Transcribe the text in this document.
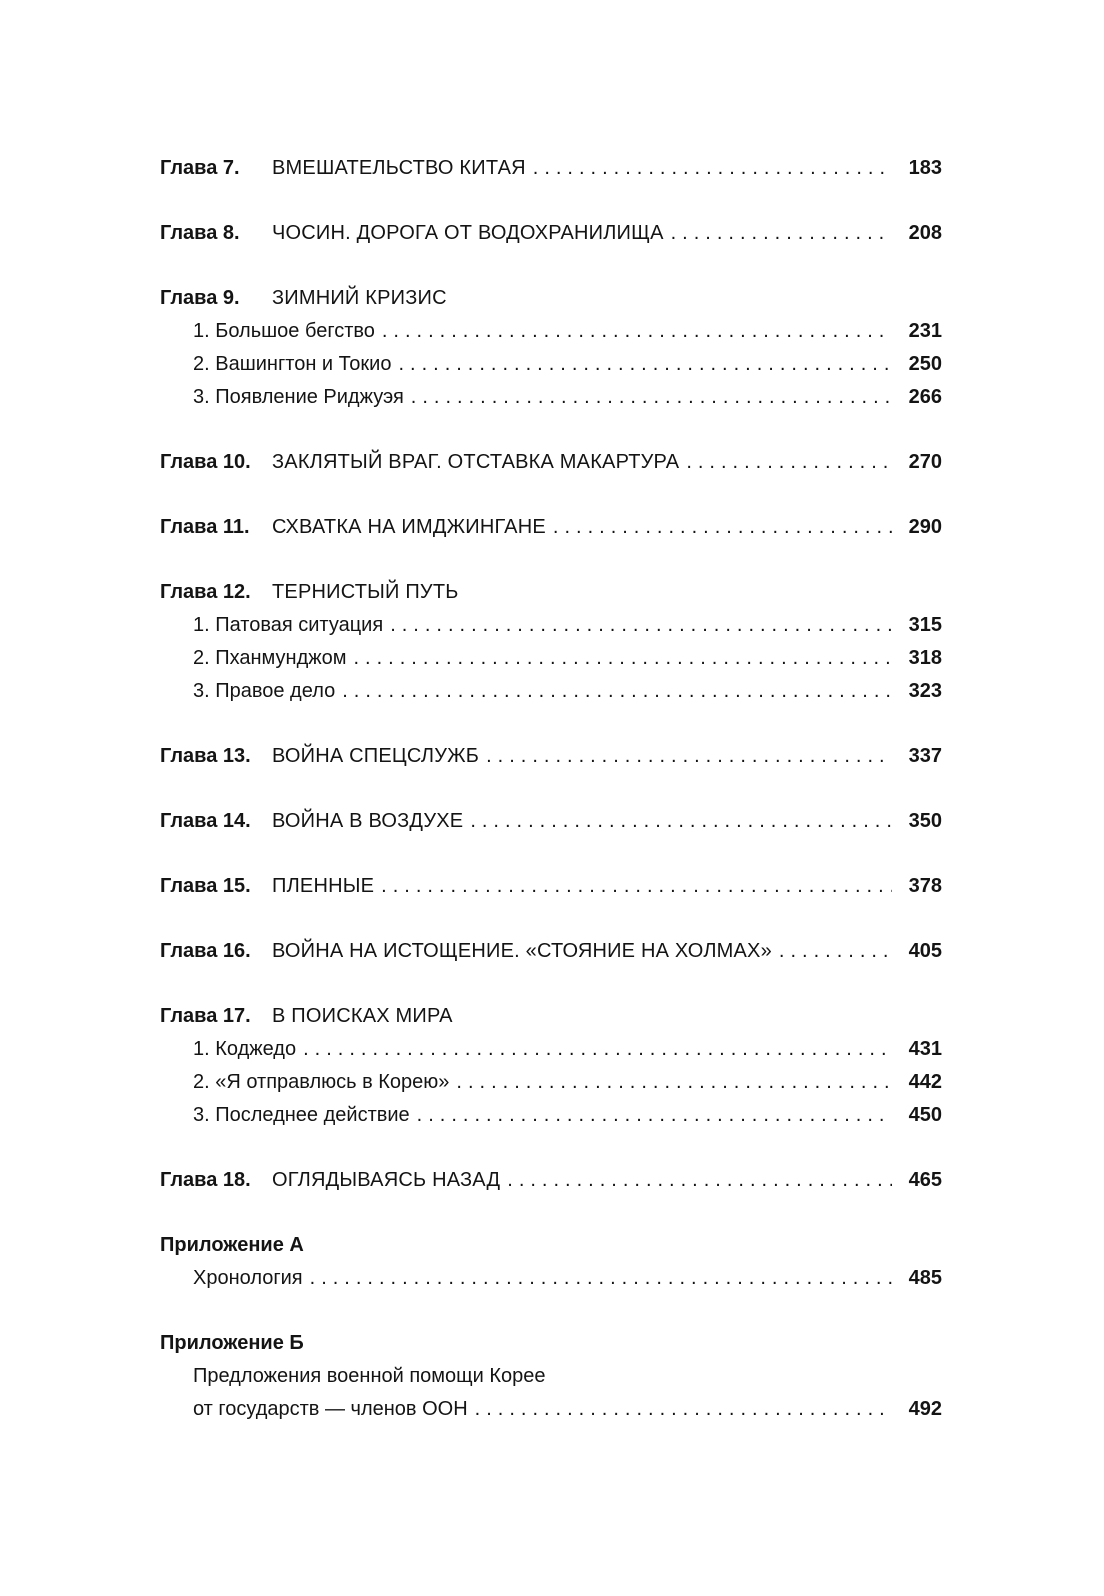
Глава 7.	ВМЕШАТЕЛЬСТВО КИТАЯ .....	183
Глава 8.	ЧОСИН. ДОРОГА ОТ ВОДОХРАНИЛИЩА .....	208
Глава 9.	ЗИМНИЙ КРИЗИС
1. Большое бегство .....	231
2. Вашингтон и Токио .....	250
3. Появление Риджуэя .....	266
Глава 10.	ЗАКЛЯТЫЙ ВРАГ. ОТСТАВКА МАКАРТУРА .....	270
Глава 11.	СХВАТКА НА ИМДЖИНГАНЕ .....	290
Глава 12.	ТЕРНИСТЫЙ ПУТЬ
1. Патовая ситуация .....	315
2. Пханмунджом .....	318
3. Правое дело .....	323
Глава 13.	ВОЙНА СПЕЦСЛУЖБ .....	337
Глава 14.	ВОЙНА В ВОЗДУХЕ .....	350
Глава 15.	ПЛЕННЫЕ .....	378
Глава 16.	ВОЙНА НА ИСТОЩЕНИЕ. «СТОЯНИЕ НА ХОЛМАХ» .....	405
Глава 17.	В ПОИСКАХ МИРА
1. Коджедо .....	431
2. «Я отправлюсь в Корею» .....	442
3. Последнее действие .....	450
Глава 18.	ОГЛЯДЫВАЯСЬ НАЗАД .....	465
Приложение А
Хронология .....	485
Приложение Б
Предложения военной помощи Корее
от государств — членов ООН .....	492
